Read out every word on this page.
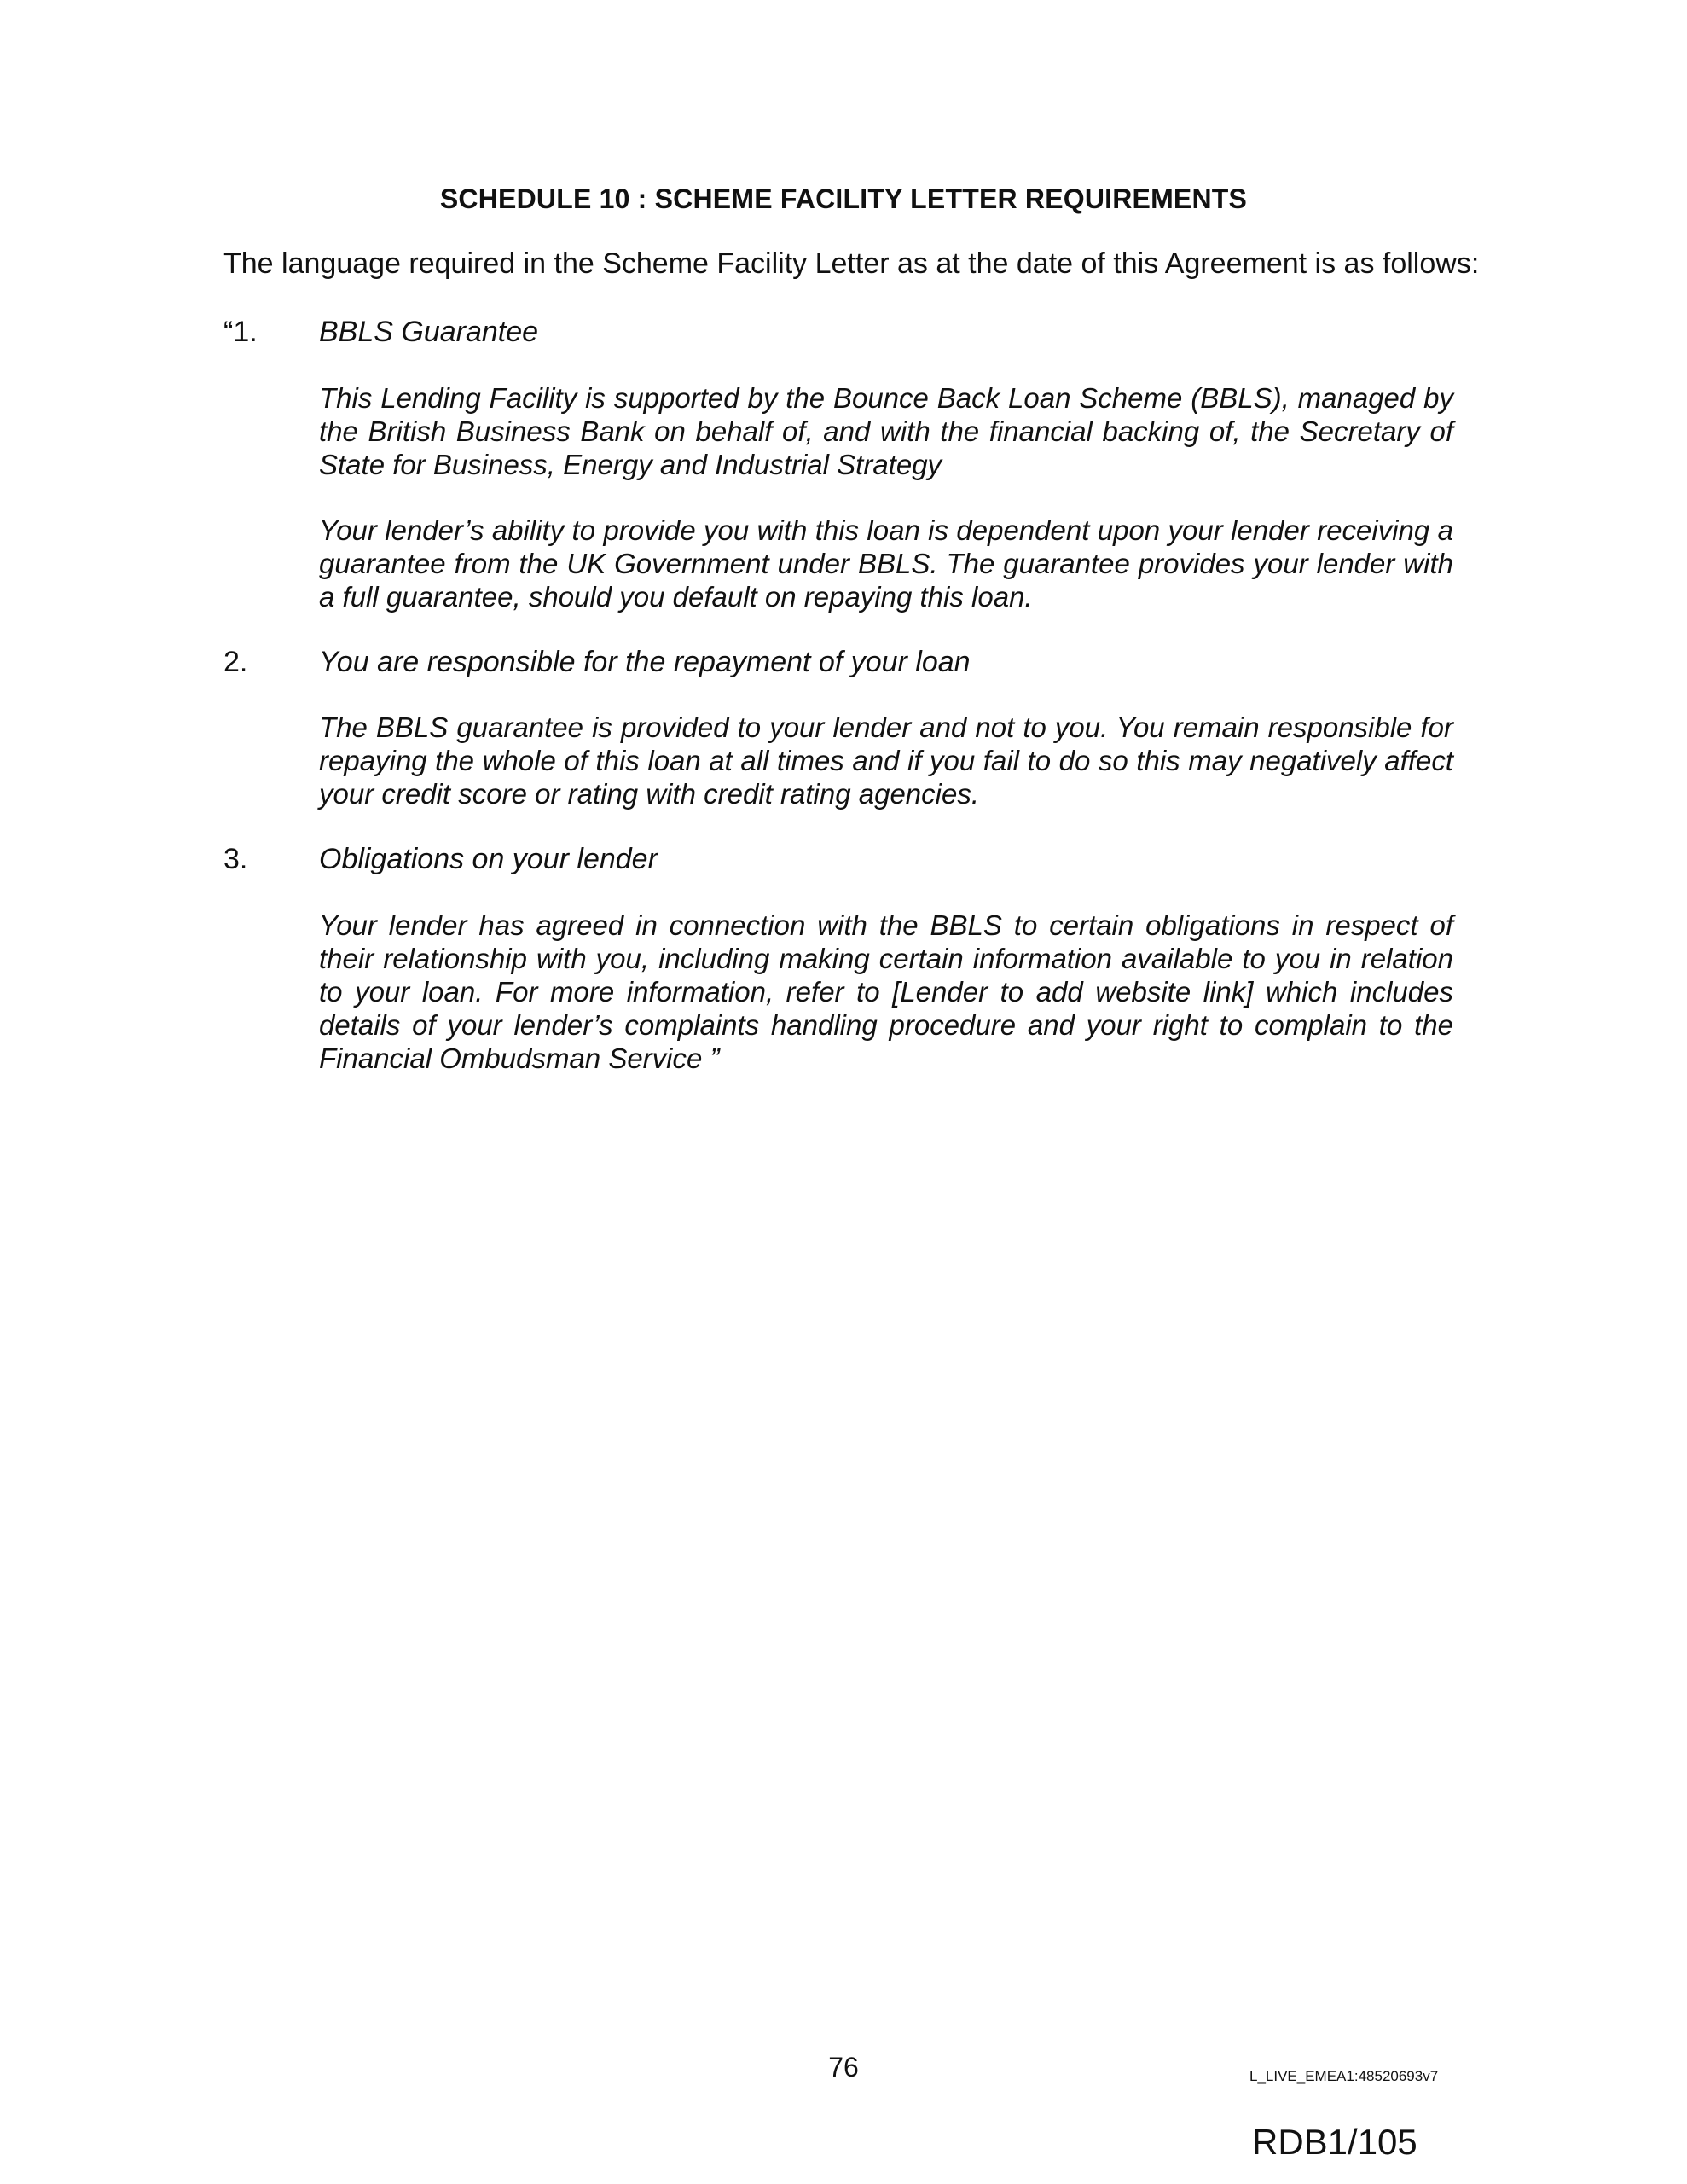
SCHEDULE 10 : SCHEME FACILITY LETTER REQUIREMENTS
The language required in the Scheme Facility Letter as at the date of this Agreement is as follows:
“1. BBLS Guarantee

This Lending Facility is supported by the Bounce Back Loan Scheme (BBLS), managed by the British Business Bank on behalf of, and with the financial backing of, the Secretary of State for Business, Energy and Industrial Strategy

Your lender’s ability to provide you with this loan is dependent upon your lender receiving a guarantee from the UK Government under BBLS. The guarantee provides your lender with a full guarantee, should you default on repaying this loan.

2. You are responsible for the repayment of your loan

The BBLS guarantee is provided to your lender and not to you. You remain responsible for repaying the whole of this loan at all times and if you fail to do so this may negatively affect your credit score or rating with credit rating agencies.

3. Obligations on your lender

Your lender has agreed in connection with the BBLS to certain obligations in respect of their relationship with you, including making certain information available to you in relation to your loan. For more information, refer to [Lender to add website link] which includes details of your lender’s complaints handling procedure and your right to complain to the Financial Ombudsman Service ”

76	L_LIVE_EMEA1:48520693v7
RDB1/105
